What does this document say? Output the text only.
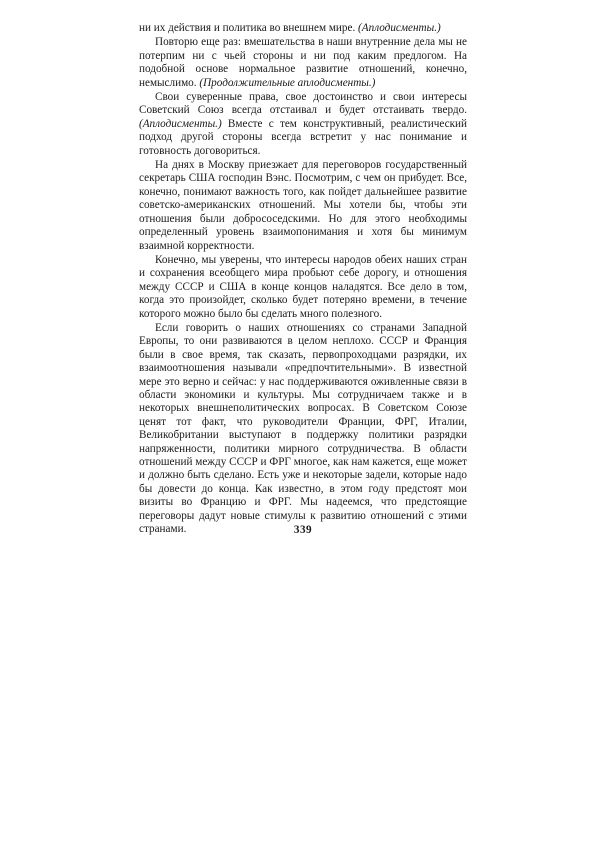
ни их действия и политика во внешнем мире. (Аплодисменты.)

Повторю еще раз: вмешательства в наши внутренние дела мы не потерпим ни с чьей стороны и ни под каким предлогом. На подобной основе нормальное развитие отношений, конечно, немыслимо. (Продолжительные аплодисменты.)

Свои суверенные права, свое достоинство и свои интересы Советский Союз всегда отстаивал и будет отстаивать твердо. (Аплодисменты.) Вместе с тем конструктивный, реалистический подход другой стороны всегда встретит у нас понимание и готовность договориться.

На днях в Москву приезжает для переговоров государственный секретарь США господин Вэнс. Посмотрим, с чем он прибудет. Все, конечно, понимают важность того, как пойдет дальнейшее развитие советско-американских отношений. Мы хотели бы, чтобы эти отношения были добрососедскими. Но для этого необходимы определенный уровень взаимопонимания и хотя бы минимум взаимной корректности.

Конечно, мы уверены, что интересы народов обеих наших стран и сохранения всеобщего мира пробьют себе дорогу, и отношения между СССР и США в конце концов наладятся. Все дело в том, когда это произойдет, сколько будет потеряно времени, в течение которого можно было бы сделать много полезного.

Если говорить о наших отношениях со странами Западной Европы, то они развиваются в целом неплохо. СССР и Франция были в свое время, так сказать, первопроходцами разрядки, их взаимоотношения называли «предпочтительными». В известной мере это верно и сейчас: у нас поддерживаются оживленные связи в области экономики и культуры. Мы сотрудничаем также и в некоторых внешнеполитических вопросах. В Советском Союзе ценят тот факт, что руководители Франции, ФРГ, Италии, Великобритании выступают в поддержку политики разрядки напряженности, политики мирного сотрудничества. В области отношений между СССР и ФРГ многое, как нам кажется, еще может и должно быть сделано. Есть уже и некоторые задели, которые надо бы довести до конца. Как известно, в этом году предстоят мои визиты во Францию и ФРГ. Мы надеемся, что предстоящие переговоры дадут новые стимулы к развитию отношений с этими странами.	339
